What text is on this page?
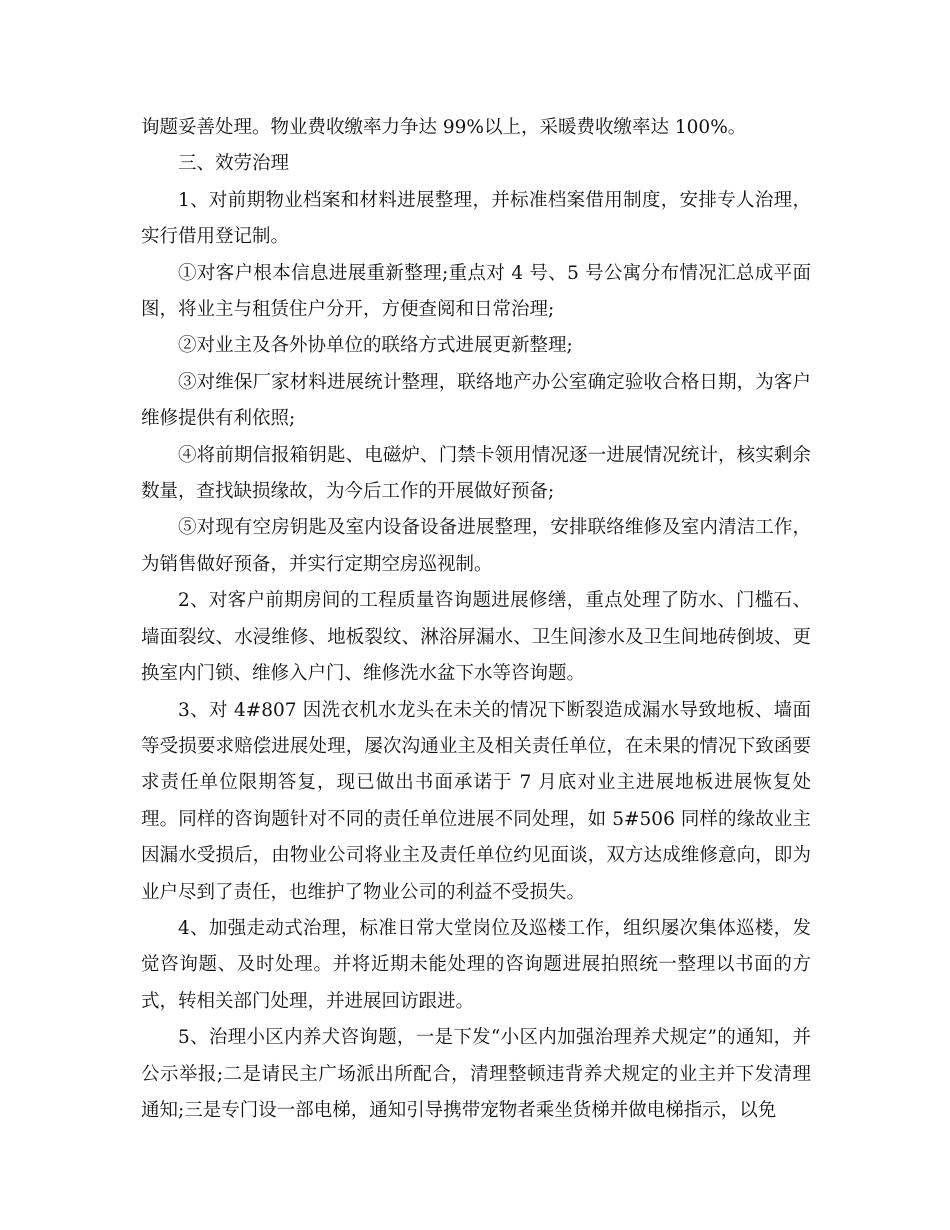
询题妥善处理。物业费收缴率力争达 99%以上，采暖费收缴率达 100%。

三、效劳治理

1、对前期物业档案和材料进展整理，并标准档案借用制度，安排专人治理，实行借用登记制。

①对客户根本信息进展重新整理;重点对 4 号、5 号公寓分布情况汇总成平面图，将业主与租赁住户分开，方便查阅和日常治理;

②对业主及各外协单位的联络方式进展更新整理;

③对维保厂家材料进展统计整理，联络地产办公室确定验收合格日期，为客户维修提供有利依照;

④将前期信报箱钥匙、电磁炉、门禁卡领用情况逐一进展情况统计，核实剩余数量，查找缺损缘故，为今后工作的开展做好预备;

⑤对现有空房钥匙及室内设备设备进展整理，安排联络维修及室内清洁工作，为销售做好预备，并实行定期空房巡视制。

2、对客户前期房间的工程质量咨询题进展修缮，重点处理了防水、门槛石、墙面裂纹、水浸维修、地板裂纹、淋浴屏漏水、卫生间渗水及卫生间地砖倒坡、更换室内门锁、维修入户门、维修洗水盆下水等咨询题。

3、对 4#807 因洗衣机水龙头在未关的情况下断裂造成漏水导致地板、墙面等受损要求赔偿进展处理，屡次沟通业主及相关责任单位，在未果的情况下致函要求责任单位限期答复，现已做出书面承诺于 7 月底对业主进展地板进展恢复处理。同样的咨询题针对不同的责任单位进展不同处理，如 5#506 同样的缘故业主因漏水受损后，由物业公司将业主及责任单位约见面谈，双方达成维修意向，即为业户尽到了责任，也维护了物业公司的利益不受损失。

4、加强走动式治理，标准日常大堂岗位及巡楼工作，组织屡次集体巡楼，发觉咨询题、及时处理。并将近期未能处理的咨询题进展拍照统一整理以书面的方式，转相关部门处理，并进展回访跟进。

5、治理小区内养犬咨询题，一是下发“小区内加强治理养犬规定”的通知，并公示举报;二是请民主广场派出所配合，清理整顿违背养犬规定的业主并下发清理通知;三是专门设一部电梯，通知引导携带宠物者乘坐货梯并做电梯指示，以免
